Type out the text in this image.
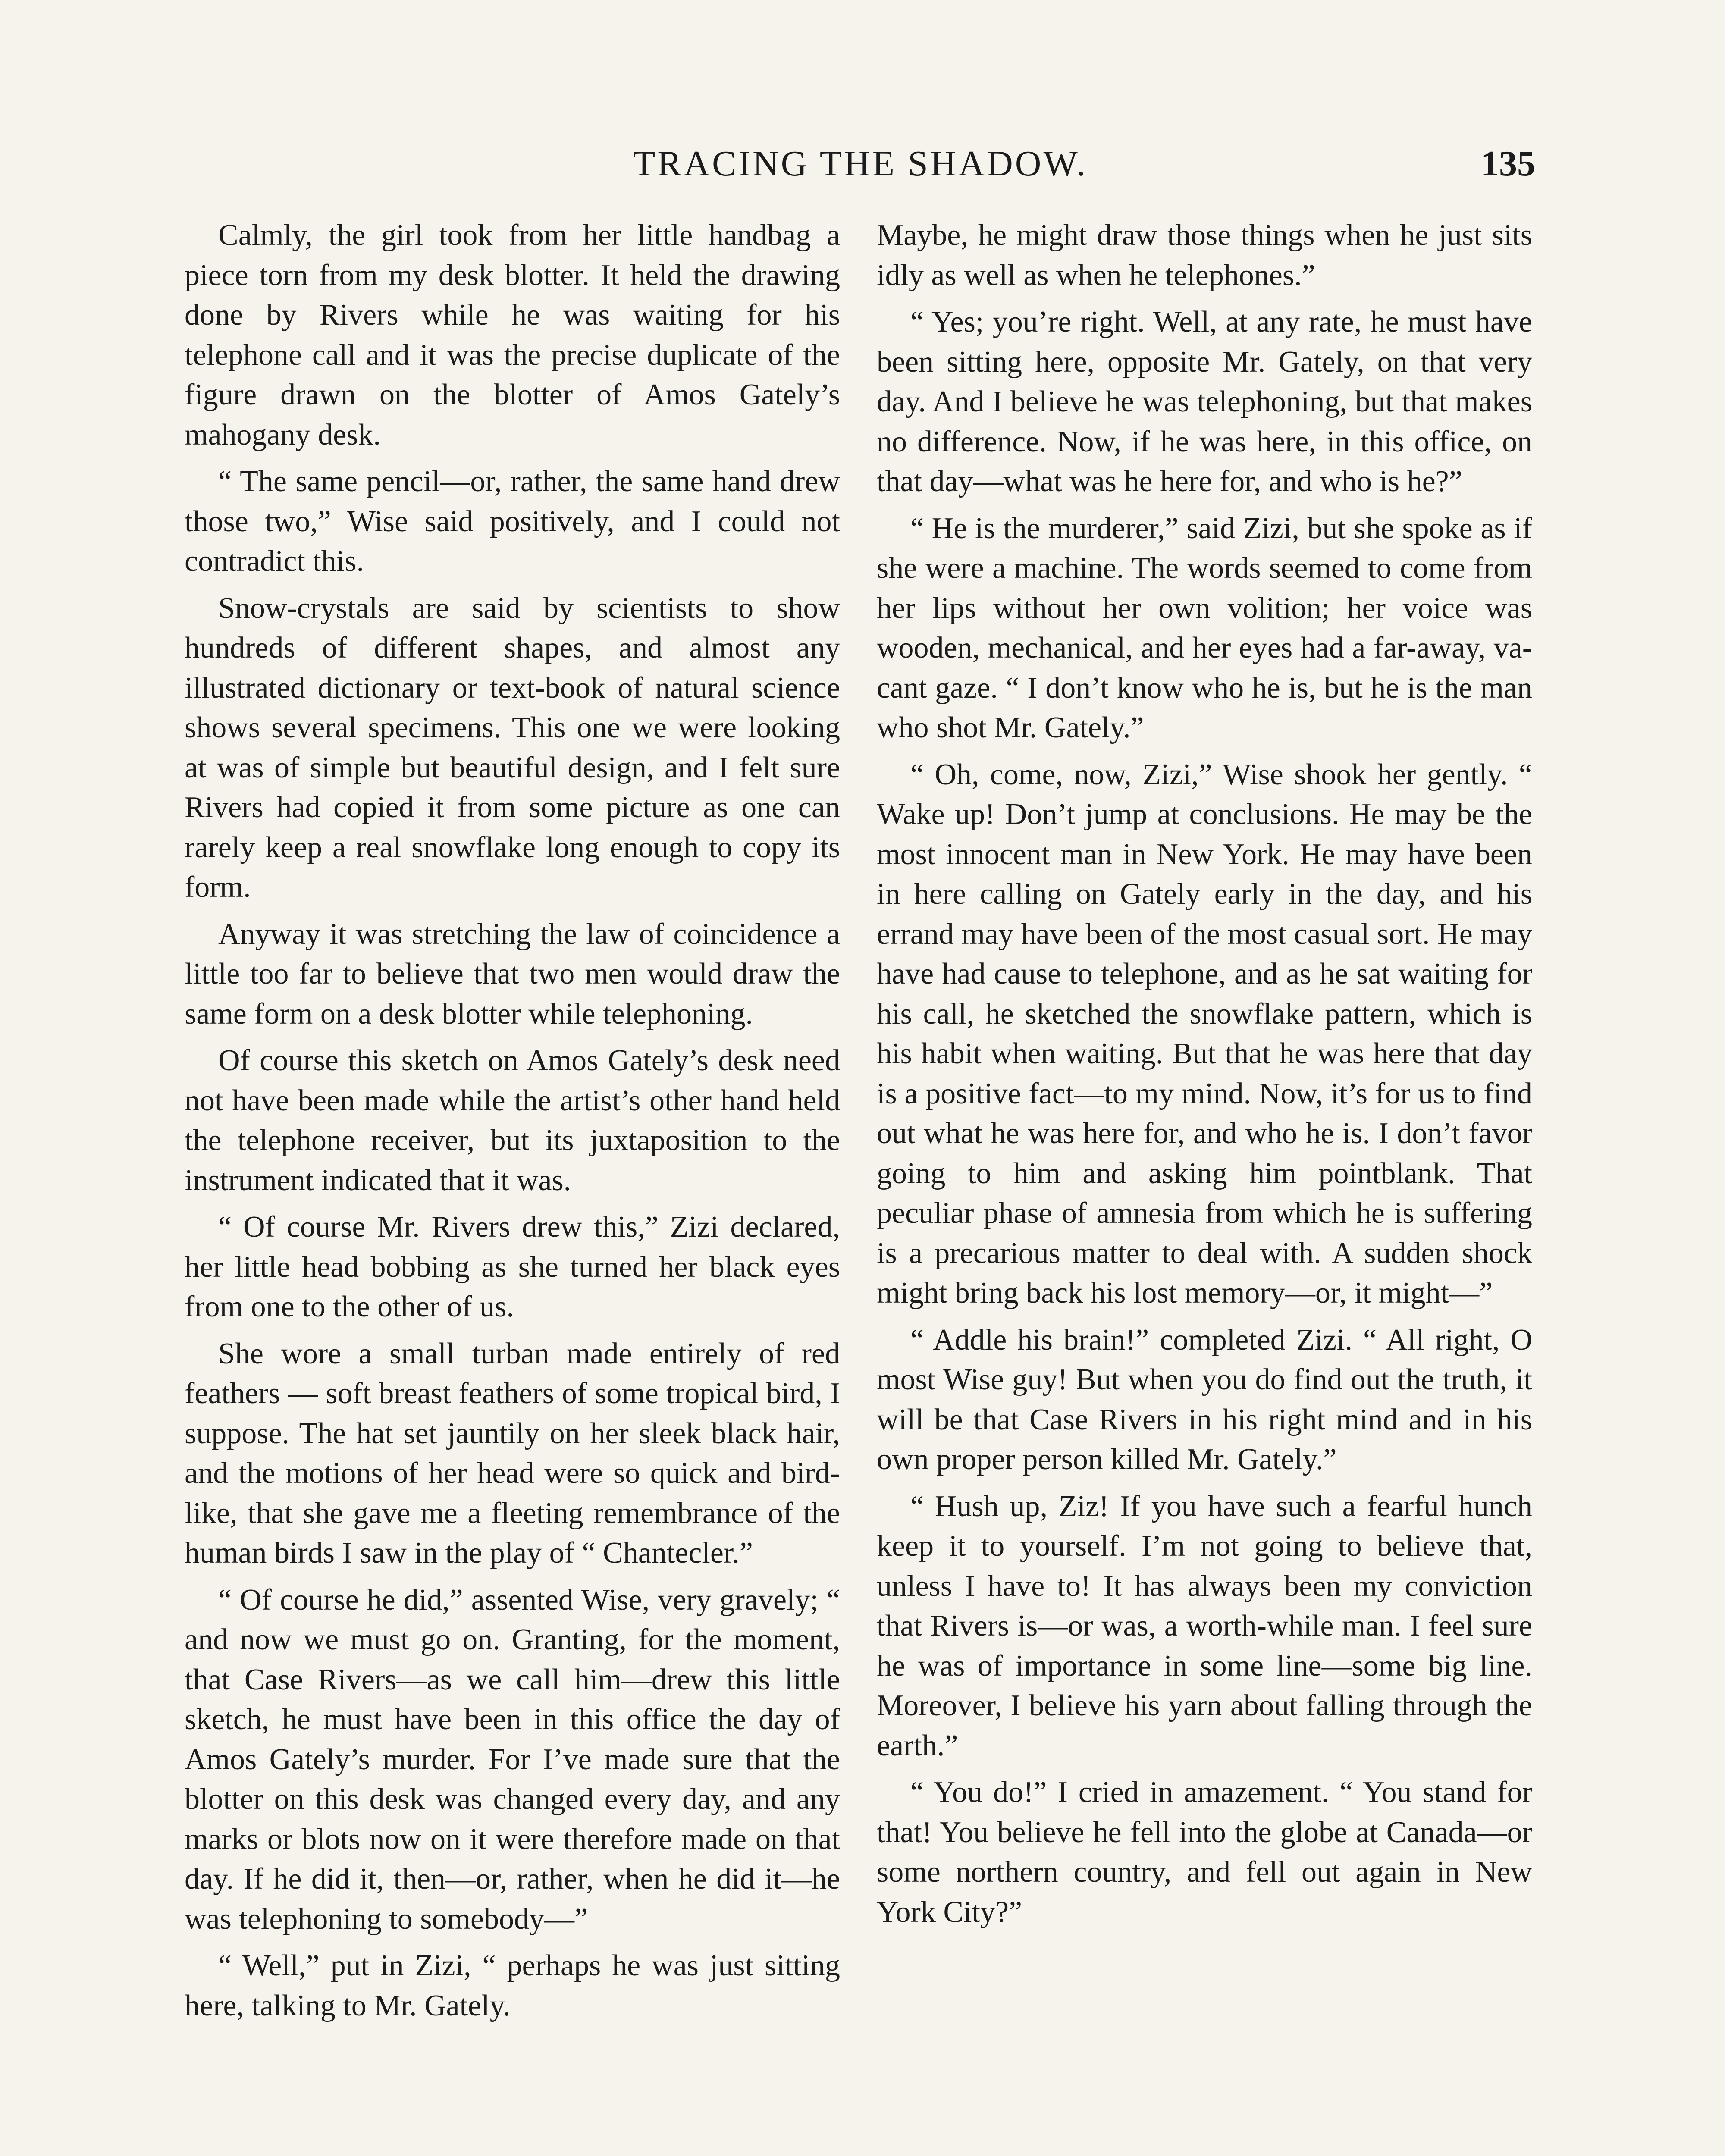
TRACING THE SHADOW.	135

Calmly, the girl took from her little handbag a piece torn from my desk blotter. It held the drawing done by Rivers while he was waiting for his telephone call and it was the precise duplicate of the figure drawn on the blotter of Amos Gately’s mahogany desk.

“ The same pencil—or, rather, the same hand drew those two,” Wise said positively, and I could not contradict this.

Snow-crystals are said by scientists to show hundreds of different shapes, and almost any illustrated dictionary or text-book of natural science shows several specimens. This one we were looking at was of simple but beautiful design, and I felt sure Rivers had copied it from some picture as one can rarely keep a real snowflake long enough to copy its form.

Anyway it was stretching the law of coincidence a little too far to believe that two men would draw the same form on a desk blotter while telephoning.

Of course this sketch on Amos Gately’s desk need not have been made while the artist’s other hand held the telephone receiver, but its juxtaposition to the instrument indicated that it was.

“ Of course Mr. Rivers drew this,” Zizi declared, her little head bobbing as she turned her black eyes from one to the other of us.

She wore a small turban made entirely of red feathers — soft breast feathers of some tropical bird, I suppose. The hat set jauntily on her sleek black hair, and the motions of her head were so quick and birdlike, that she gave me a fleeting remembrance of the human birds I saw in the play of “ Chantecler.”

“ Of course he did,” assented Wise, very gravely; “ and now we must go on. Granting, for the moment, that Case Rivers—as we call him—drew this little sketch, he must have been in this office the day of Amos Gately’s murder. For I’ve made sure that the blotter on this desk was changed every day, and any marks or blots now on it were therefore made on that day. If he did it, then—or, rather, when he did it—he was telephoning to somebody—”

“ Well,” put in Zizi, “ perhaps he was just sitting here, talking to Mr. Gately.

Maybe, he might draw those things when he just sits idly as well as when he telephones.”

“ Yes; you’re right. Well, at any rate, he must have been sitting here, opposite Mr. Gately, on that very day. And I believe he was telephoning, but that makes no difference. Now, if he was here, in this office, on that day—what was he here for, and who is he?”

“ He is the murderer,” said Zizi, but she spoke as if she were a machine. The words seemed to come from her lips without her own volition; her voice was wooden, mechanical, and her eyes had a far-away, vacant gaze. “ I don’t know who he is, but he is the man who shot Mr. Gately.”

“ Oh, come, now, Zizi,” Wise shook her gently. “ Wake up! Don’t jump at conclusions. He may be the most innocent man in New York. He may have been in here calling on Gately early in the day, and his errand may have been of the most casual sort. He may have had cause to telephone, and as he sat waiting for his call, he sketched the snowflake pattern, which is his habit when waiting. But that he was here that day is a positive fact—to my mind. Now, it’s for us to find out what he was here for, and who he is. I don’t favor going to him and asking him pointblank. That peculiar phase of amnesia from which he is suffering is a precarious matter to deal with. A sudden shock might bring back his lost memory—or, it might—”

“ Addle his brain!” completed Zizi. “ All right, O most Wise guy! But when you do find out the truth, it will be that Case Rivers in his right mind and in his own proper person killed Mr. Gately.”

“ Hush up, Ziz! If you have such a fearful hunch keep it to yourself. I’m not going to believe that, unless I have to! It has always been my conviction that Rivers is—or was, a worth-while man. I feel sure he was of importance in some line—some big line. Moreover, I believe his yarn about falling through the earth.”

“ You do!” I cried in amazement. “ You stand for that! You believe he fell into the globe at Canada—or some northern country, and fell out again in New York City?”
